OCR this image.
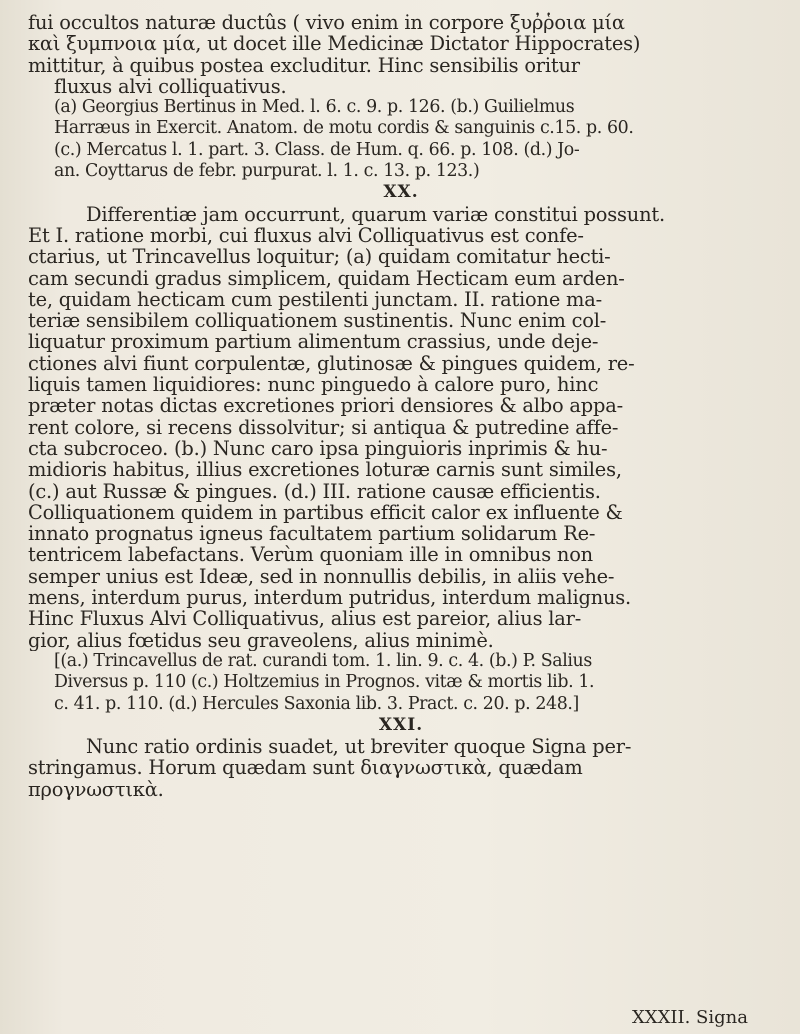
fui occultos naturæ ductûs ( vivo enim in corpore ξυῤῥοια μία
καὶ ξυμπνοια μία, ut docet ille Medicinæ Dictator Hippocrates)
mittitur, à quibus postea excluditur. Hinc sensibilis oritur
fluxus alvi colliquativus.
(a) Georgius Bertinus in Med. l. 6. c. 9. p. 126. (b.) Guilielmus
Harræus in Exercit. Anatom. de motu cordis & sanguinis c.15. p. 60.
(c.) Mercatus l. 1. part. 3. Class. de Hum. q. 66. p. 108. (d.) Jo-
an. Coyttarus de febr. purpurat. l. 1. c. 13. p. 123.)
XX.
Differentiæ jam occurrunt, quarum variæ constitui possunt.
Et I. ratione morbi, cui fluxus alvi Colliquativus est confe-
ctarius, ut Trincavellus loquitur; (a) quidam comitatur hecti-
cam secundi gradus simplicem, quidam Hecticam eum arden-
te, quidam hecticam cum pestilenti junctam. II. ratione ma-
teriæ sensibilem colliquationem sustinentis. Nunc enim col-
liquatur proximum partium alimentum crassius, unde deje-
ctiones alvi fiunt corpulentæ, glutinosæ & pingues quidem, re-
liquis tamen liquidiores: nunc pinguedo à calore puro, hinc
præter notas dictas excretiones priori densiores & albo appa-
rent colore, si recens dissolvitur; si antiqua & putredine affe-
cta subcroceo. (b.) Nunc caro ipsa pinguioris inprimis & hu-
midioris habitus, illius excretiones loturæ carnis sunt similes,
(c.) aut Russæ & pingues. (d.) III. ratione causæ efficientis.
Colliquationem quidem in partibus efficit calor ex influente &
innato prognatus igneus facultatem partium solidarum Re-
tentricem labefactans. Verùm quoniam ille in omnibus non
semper unius est Ideæ, sed in nonnullis debilis, in aliis vehe-
mens, interdum purus, interdum putridus, interdum malignus.
Hinc Fluxus Alvi Colliquativus, alius est pareior, alius lar-
gior, alius fœtidus seu graveolens, alius minimè.
[(a.) Trincavellus de rat. curandi tom. 1. lin. 9. c. 4. (b.) P. Salius
Diversus p. 110 (c.) Holtzemius in Prognos. vitæ & mortis lib. 1.
c. 41. p. 110. (d.) Hercules Saxonia lib. 3. Pract. c. 20. p. 248.]
XXI.
Nunc ratio ordinis suadet, ut breviter quoque Signa per-
stringamus. Horum quædam sunt διαγνωστικὰ, quædam
προγνωστικὰ.
XXXII. Signa
